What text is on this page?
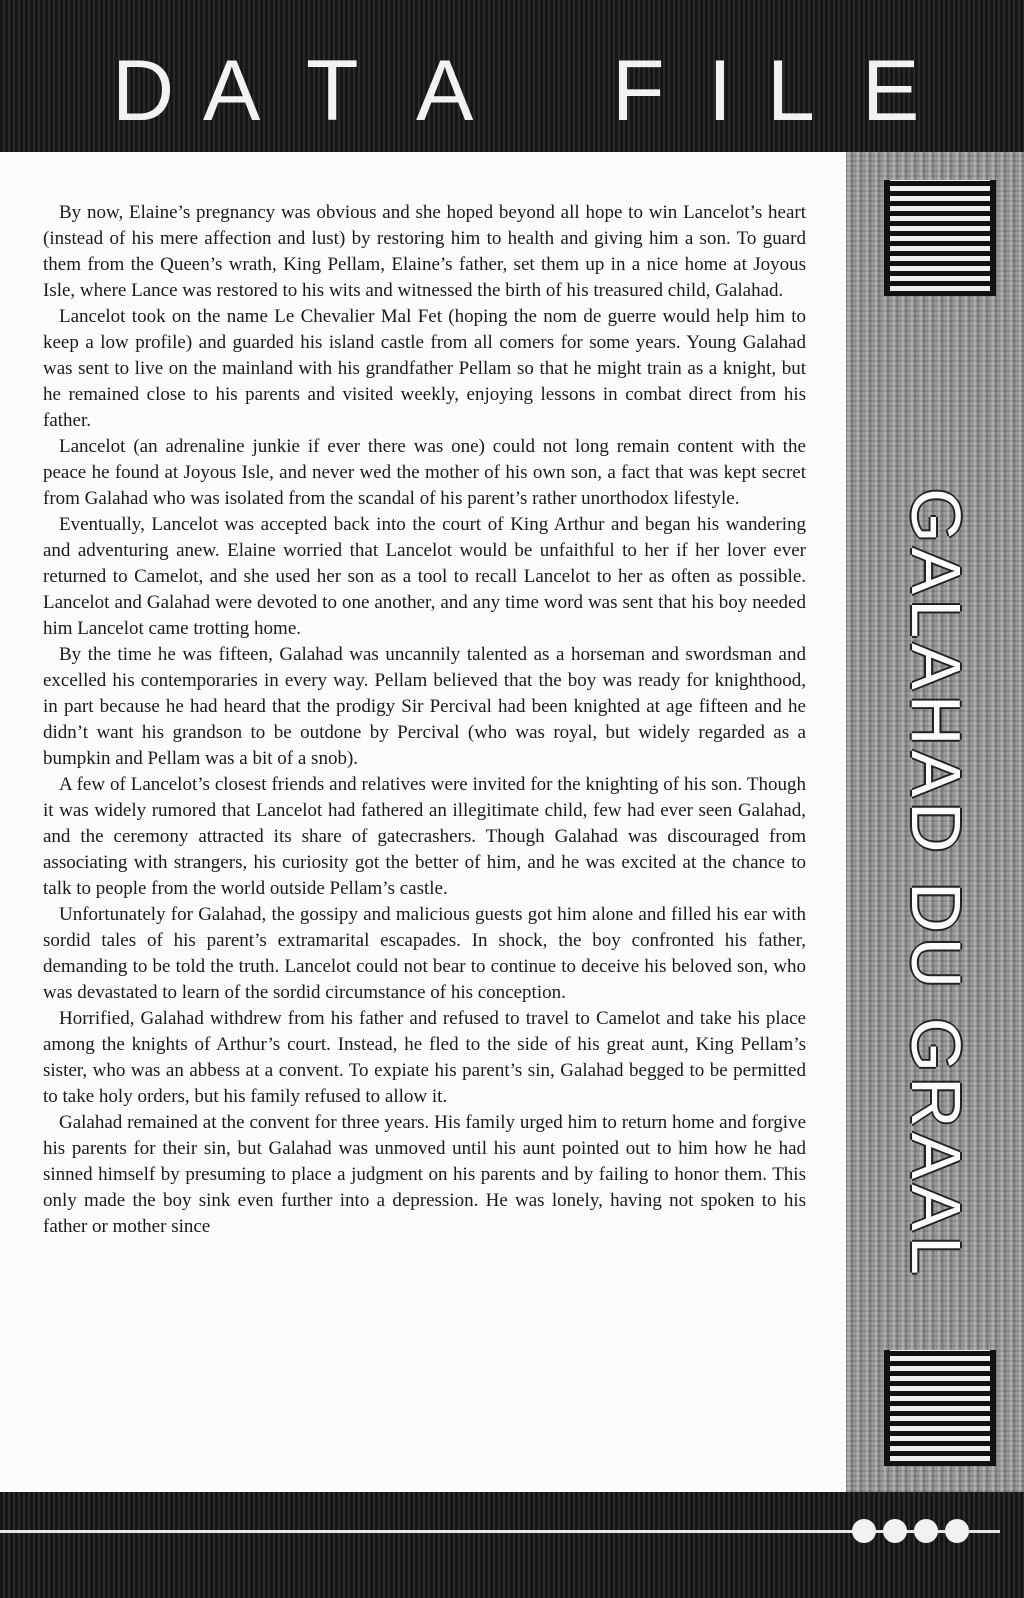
D A T A F I L E

By now, Elaine’s pregnancy was obvious and she hoped beyond all hope to win Lancelot’s heart (instead of his mere affection and lust) by restoring him to health and giving him a son. To guard them from the Queen’s wrath, King Pellam, Elaine’s father, set them up in a nice home at Joyous Isle, where Lance was restored to his wits and witnessed the birth of his treasured child, Galahad.

Lancelot took on the name Le Chevalier Mal Fet (hoping the nom de guerre would help him to keep a low profile) and guarded his island castle from all comers for some years. Young Galahad was sent to live on the mainland with his grandfather Pellam so that he might train as a knight, but he remained close to his parents and visited weekly, enjoying lessons in combat direct from his father.

Lancelot (an adrenaline junkie if ever there was one) could not long remain content with the peace he found at Joyous Isle, and never wed the mother of his own son, a fact that was kept secret from Galahad who was isolated from the scandal of his parent’s rather unorthodox lifestyle.

Eventually, Lancelot was accepted back into the court of King Arthur and began his wandering and adventuring anew. Elaine worried that Lancelot would be unfaithful to her if her lover ever returned to Camelot, and she used her son as a tool to recall Lancelot to her as often as possible. Lancelot and Galahad were devoted to one another, and any time word was sent that his boy needed him Lancelot came trotting home.

By the time he was fifteen, Galahad was uncannily talented as a horseman and swordsman and excelled his contemporaries in every way. Pellam believed that the boy was ready for knighthood, in part because he had heard that the prodigy Sir Percival had been knighted at age fifteen and he didn’t want his grandson to be outdone by Percival (who was royal, but widely regarded as a bumpkin and Pellam was a bit of a snob).

A few of Lancelot’s closest friends and relatives were invited for the knighting of his son. Though it was widely rumored that Lancelot had fathered an illegitimate child, few had ever seen Galahad, and the ceremony attracted its share of gatecrashers. Though Galahad was discouraged from associating with strangers, his curiosity got the better of him, and he was excited at the chance to talk to people from the world outside Pellam’s castle.

Unfortunately for Galahad, the gossipy and malicious guests got him alone and filled his ear with sordid tales of his parent’s extramarital escapades. In shock, the boy confronted his father, demanding to be told the truth. Lancelot could not bear to continue to deceive his beloved son, who was devastated to learn of the sordid circumstance of his conception.

Horrified, Galahad withdrew from his father and refused to travel to Camelot and take his place among the knights of Arthur’s court. Instead, he fled to the side of his great aunt, King Pellam’s sister, who was an abbess at a convent. To expiate his parent’s sin, Galahad begged to be permitted to take holy orders, but his family refused to allow it.

Galahad remained at the convent for three years. His family urged him to return home and forgive his parents for their sin, but Galahad was unmoved until his aunt pointed out to him how he had sinned himself by presuming to place a judgment on his parents and by failing to honor them. This only made the boy sink even further into a depression. He was lonely, having not spoken to his father or mother since	GALAHAD DU GRAAL
